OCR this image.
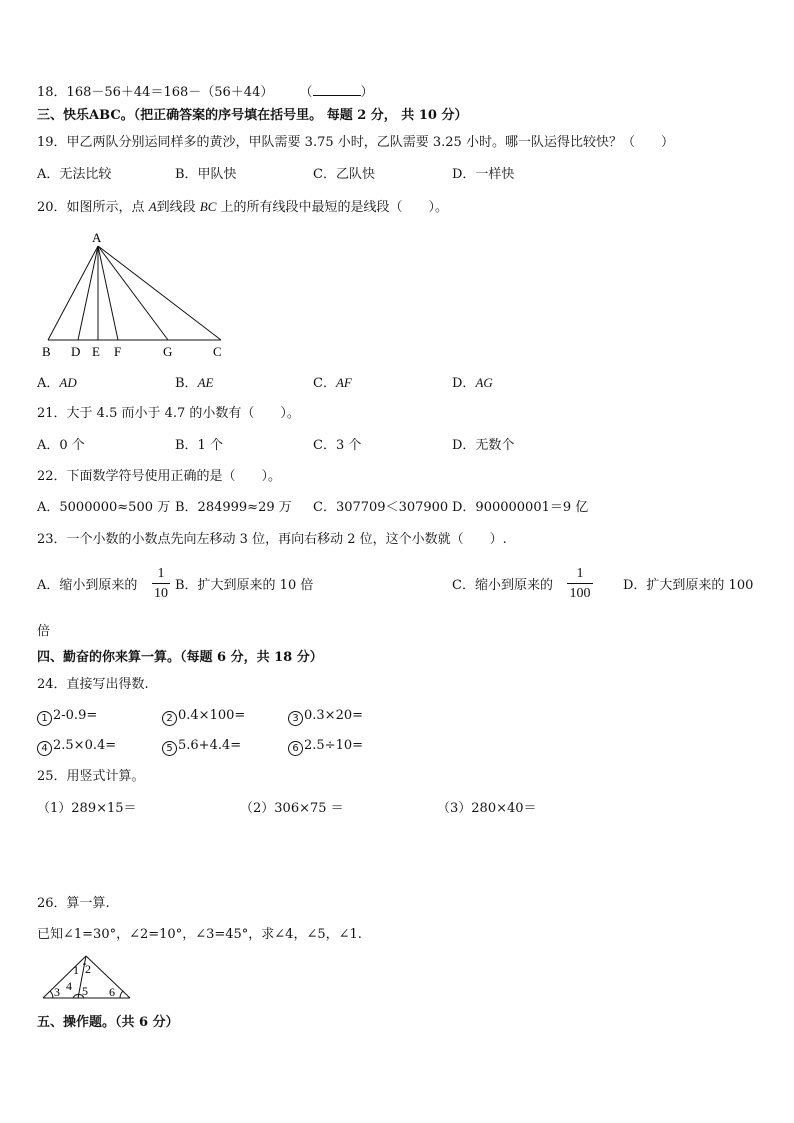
18．168－56＋44＝168－（56＋44） （	）
三、快乐ABC。（把正确答案的序号填在括号里。 每题 2 分， 共 10 分）
19．甲乙两队分别运同样多的黄沙，甲队需要 3.75 小时，乙队需要 3.25 小时。哪一队运得比较快？（　　）
A．无法比较	B．甲队快	C．乙队快	D．一样快
20．如图所示，点 A到线段 BC 上的所有线段中最短的是线段（　　）。
A
B D E F	G	C
A．AD	B．AE	C．AF	D．AG
21．大于 4.5 而小于 4.7 的小数有（　　）。
A．0 个	B．1 个	C．3 个	D．无数个
22．下面数学符号使用正确的是（　　）。
A．5000000≈500 万 B．284999≈29 万 C．307709＜307900 D．900000001＝9 亿
23．一个小数的小数点先向左移动 3 位，再向右移动 2 位，这个小数就（　　）.
A．缩小到原来的
1
10
B．扩大到原来的 10 倍	C．缩小到原来的
1
100
D．扩大到原来的 100
倍
四、勤奋的你来算一算。（每题 6 分，共 18 分）
24．直接写出得数.
1 2-0.9=	2 0.4×100=	3 0.3×20=
4 2.5×0.4=	5 5.6+4.4=	6 2.5÷10=
25．用竖式计算。
（1）289×15＝	（2）306×75 ＝	（3）280×40＝
26．算一算.
已知∠1=30°，∠2=10°，∠3=45°，求∠4，∠5，∠1.
1 2
3 4 5 6
五、操作题。（共 6 分）
